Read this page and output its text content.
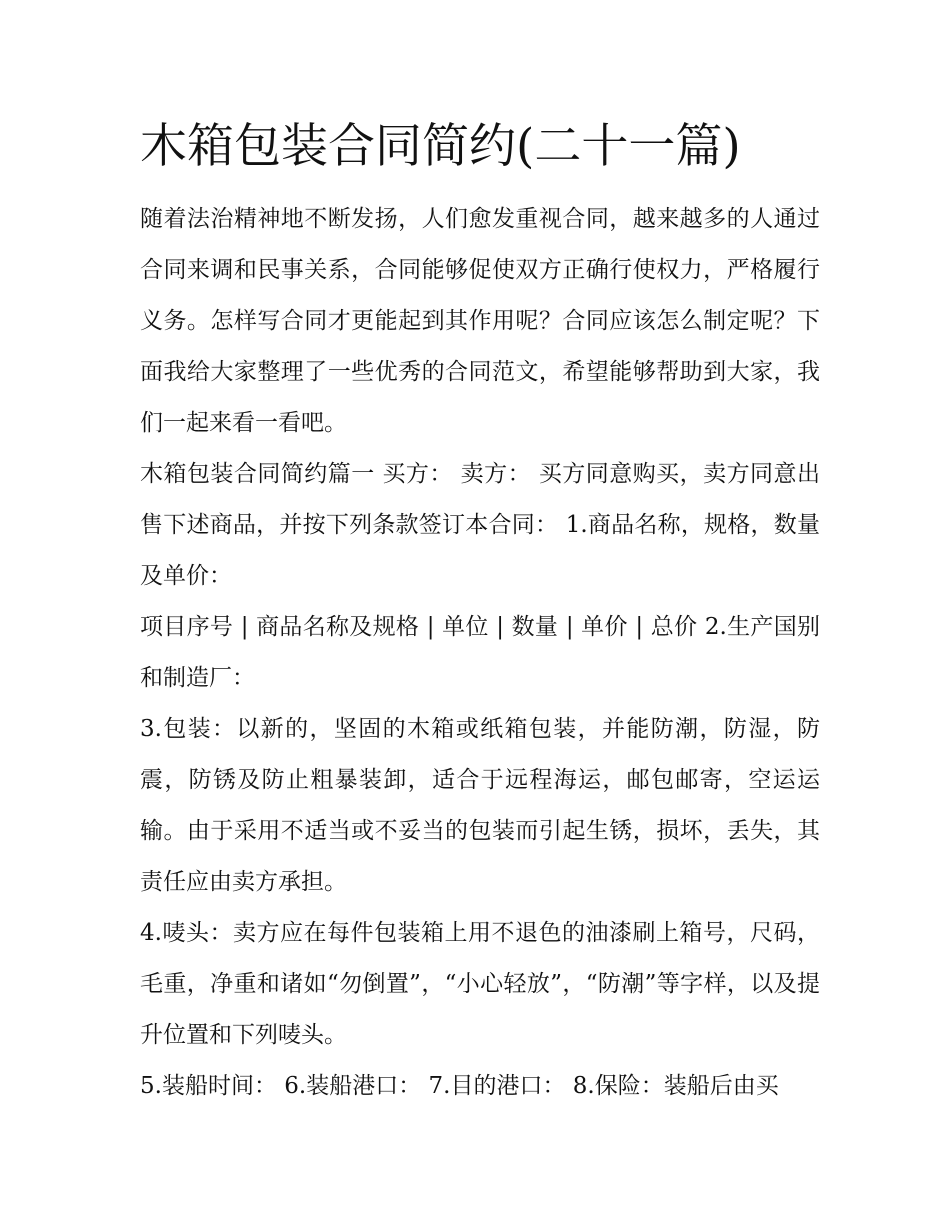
木箱包装合同简约(二十一篇)

随着法治精神地不断发扬，人们愈发重视合同，越来越多的人通过合同来调和民事关系，合同能够促使双方正确行使权力，严格履行义务。怎样写合同才更能起到其作用呢？合同应该怎么制定呢？下面我给大家整理了一些优秀的合同范文，希望能够帮助到大家，我们一起来看一看吧。

木箱包装合同简约篇一 买方： 卖方： 买方同意购买，卖方同意出售下述商品，并按下列条款签订本合同： 1.商品名称，规格，数量及单价：

项目序号 | 商品名称及规格 | 单位 | 数量 | 单价 | 总价 2.生产国别和制造厂：

3.包装：以新的，坚固的木箱或纸箱包装，并能防潮，防湿，防震，防锈及防止粗暴装卸，适合于远程海运，邮包邮寄，空运运输。由于采用不适当或不妥当的包装而引起生锈，损坏，丢失，其责任应由卖方承担。

4.唛头：卖方应在每件包装箱上用不退色的油漆刷上箱号，尺码，毛重，净重和诸如“勿倒置”，“小心轻放”，“防潮”等字样，以及提升位置和下列唛头。

5.装船时间： 6.装船港口： 7.目的港口： 8.保险：装船后由买
